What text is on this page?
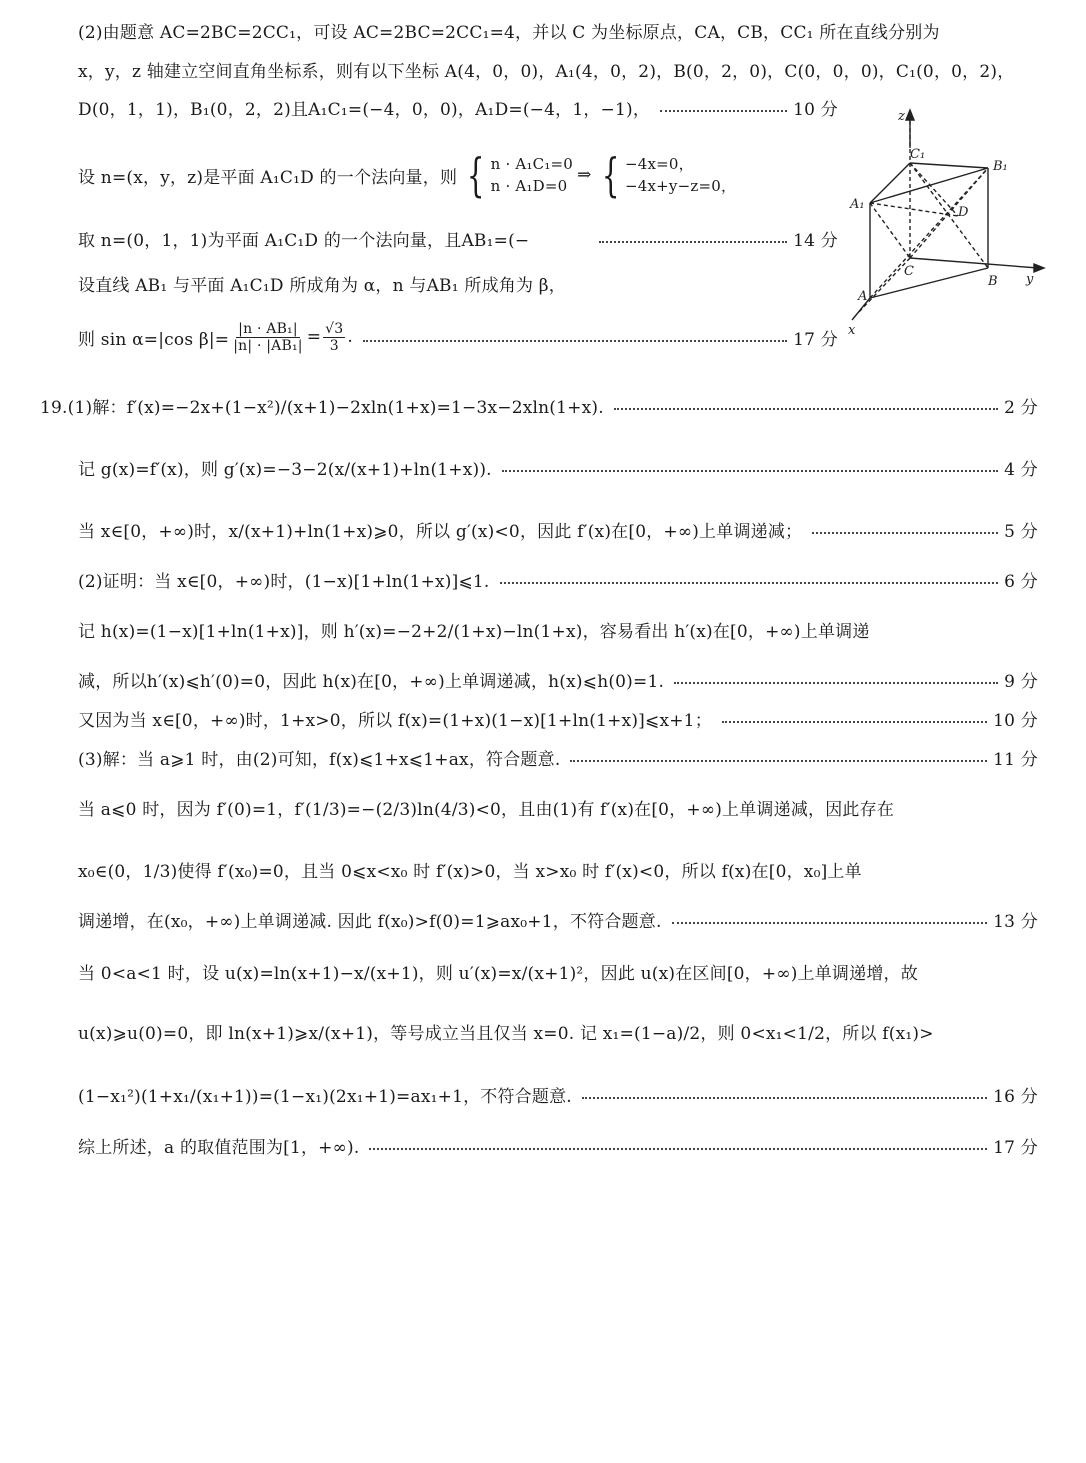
(2)由题意 AC=2BC=2CC₁，可设 AC=2BC=2CC₁=4，并以 C 为坐标原点，CA，CB，CC₁ 所在直线分别为
x，y，z 轴建立空间直角坐标系，则有以下坐标 A(4，0，0)，A₁(4，0，2)，B(0，2，0)，C(0，0，0)，C₁(0，0，2)，
D(0，1，1)，B₁(0，2，2)且A₁C₁=(−4，0，0)，A₁D=(−4，1，−1)，	10 分
设 n=(x，y，z)是平面 A₁C₁D 的一个法向量，则 { n · A₁C₁=0
n · A₁D=0
⇒ { −4x=0，
−4x+y−z=0，
取 n=(0，1，1)为平面 A₁C₁D 的一个法向量，且AB₁=(−	14 分
设直线 AB₁ 与平面 A₁C₁D 所成角为 α，n 与AB₁ 所成角为 β，
则 sin α=|cos $\beta|= \frac{\text{|n · AB₁|}}{\text{|n| · |AB₁|}} = \frac{√3}{3}$ .	17 分
z
y
x
C₁
B₁
A₁
D
C
B
A
19.(1)解：f′(x)=−2x+(1−x²)/(x+1)−2xln(1+x)=1−3x−2xln(1+x).	2 分
记 g(x)=f′(x)，则 g′(x)=−3−2(x/(x+1)+ln(1+x)).	4 分
当 x∈[0，+∞)时，x/(x+1)+ln(1+x)⩾0，所以 g′(x)<0，因此 f′(x)在[0，+∞)上单调递减；	5 分
(2)证明：当 x∈[0，+∞)时，(1−x)[1+ln(1+x)]⩽1.	6 分
记 h(x)=(1−x)[1+ln(1+x)]，则 h′(x)=−2+2/(1+x)−ln(1+x)，容易看出 h′(x)在[0，+∞)上单调递
减，所以h′(x)⩽h′(0)=0，因此 h(x)在[0，+∞)上单调递减，h(x)⩽h(0)=1.	9 分
又因为当 x∈[0，+∞)时，1+x>0，所以 f(x)=(1+x)(1−x)[1+ln(1+x)]⩽x+1；	10 分
(3)解：当 a⩾1 时，由(2)可知，f(x)⩽1+x⩽1+ax，符合题意.	11 分
当 a⩽0 时，因为 f′(0)=1，f′(1/3)=−(2/3)ln(4/3)<0，且由(1)有 f′(x)在[0，+∞)上单调递减，因此存在
x₀∈(0，1/3)使得 f′(x₀)=0，且当 0⩽x<x₀ 时 f′(x)>0，当 x>x₀ 时 f′(x)<0，所以 f(x)在[0，x₀]上单
调递增，在(x₀，+∞)上单调递减. 因此 f(x₀)>f(0)=1⩾ax₀+1，不符合题意.	13 分
当 0<a<1 时，设 u(x)=ln(x+1)−x/(x+1)，则 u′(x)=x/(x+1)²，因此 u(x)在区间[0，+∞)上单调递增，故
u(x)⩾u(0)=0，即 ln(x+1)⩾x/(x+1)，等号成立当且仅当 x=0. 记 x₁=(1−a)/2，则 0<x₁<1/2，所以 f(x₁)>
(1−x₁²)(1+x₁/(x₁+1))=(1−x₁)(2x₁+1)=ax₁+1，不符合题意.	16 分
综上所述，a 的取值范围为[1，+∞).	17 分
